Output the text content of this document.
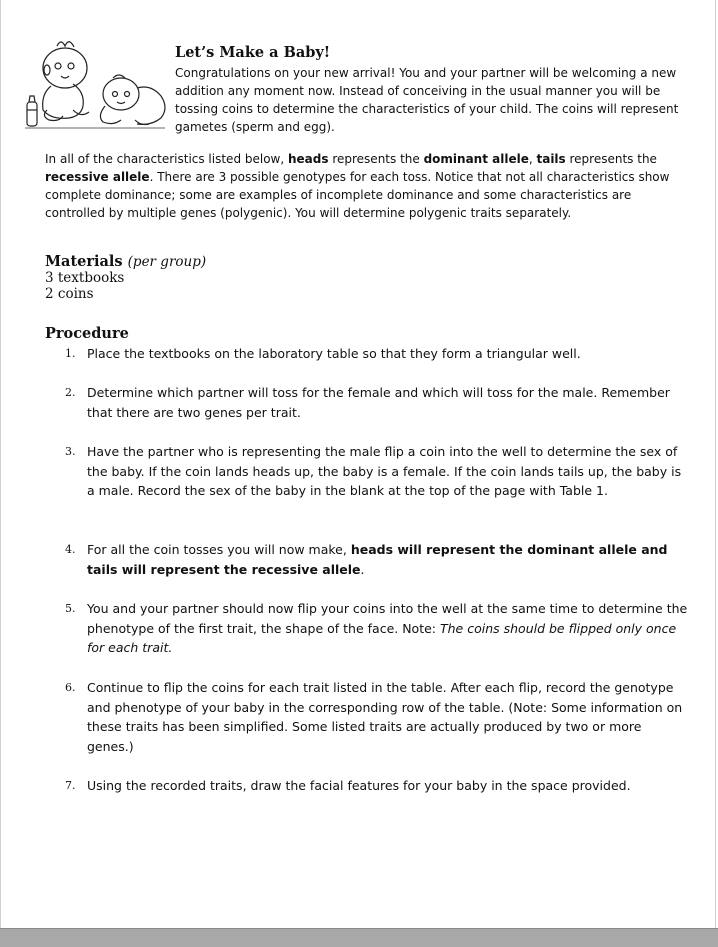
Let’s Make a Baby!
Congratulations on your new arrival! You and your partner will be welcoming a new addition any moment now. Instead of conceiving in the usual manner you will be tossing coins to determine the characteristics of your child. The coins will represent gametes (sperm and egg).
In all of the characteristics listed below, heads represents the dominant allele, tails represents the recessive allele. There are 3 possible genotypes for each toss. Notice that not all characteristics show complete dominance; some are examples of incomplete dominance and some characteristics are controlled by multiple genes (polygenic). You will determine polygenic traits separately.
Materials (per group)
3 textbooks
2 coins
Procedure
1. Place the textbooks on the laboratory table so that they form a triangular well.
2. Determine which partner will toss for the female and which will toss for the male. Remember that there are two genes per trait.
3. Have the partner who is representing the male flip a coin into the well to determine the sex of the baby. If the coin lands heads up, the baby is a female. If the coin lands tails up, the baby is a male. Record the sex of the baby in the blank at the top of the page with Table 1.
4. For all the coin tosses you will now make, heads will represent the dominant allele and tails will represent the recessive allele.
5. You and your partner should now flip your coins into the well at the same time to determine the phenotype of the first trait, the shape of the face. Note: The coins should be flipped only once for each trait.
6. Continue to flip the coins for each trait listed in the table. After each flip, record the genotype and phenotype of your baby in the corresponding row of the table. (Note: Some information on these traits has been simplified. Some listed traits are actually produced by two or more genes.)
7. Using the recorded traits, draw the facial features for your baby in the space provided.
